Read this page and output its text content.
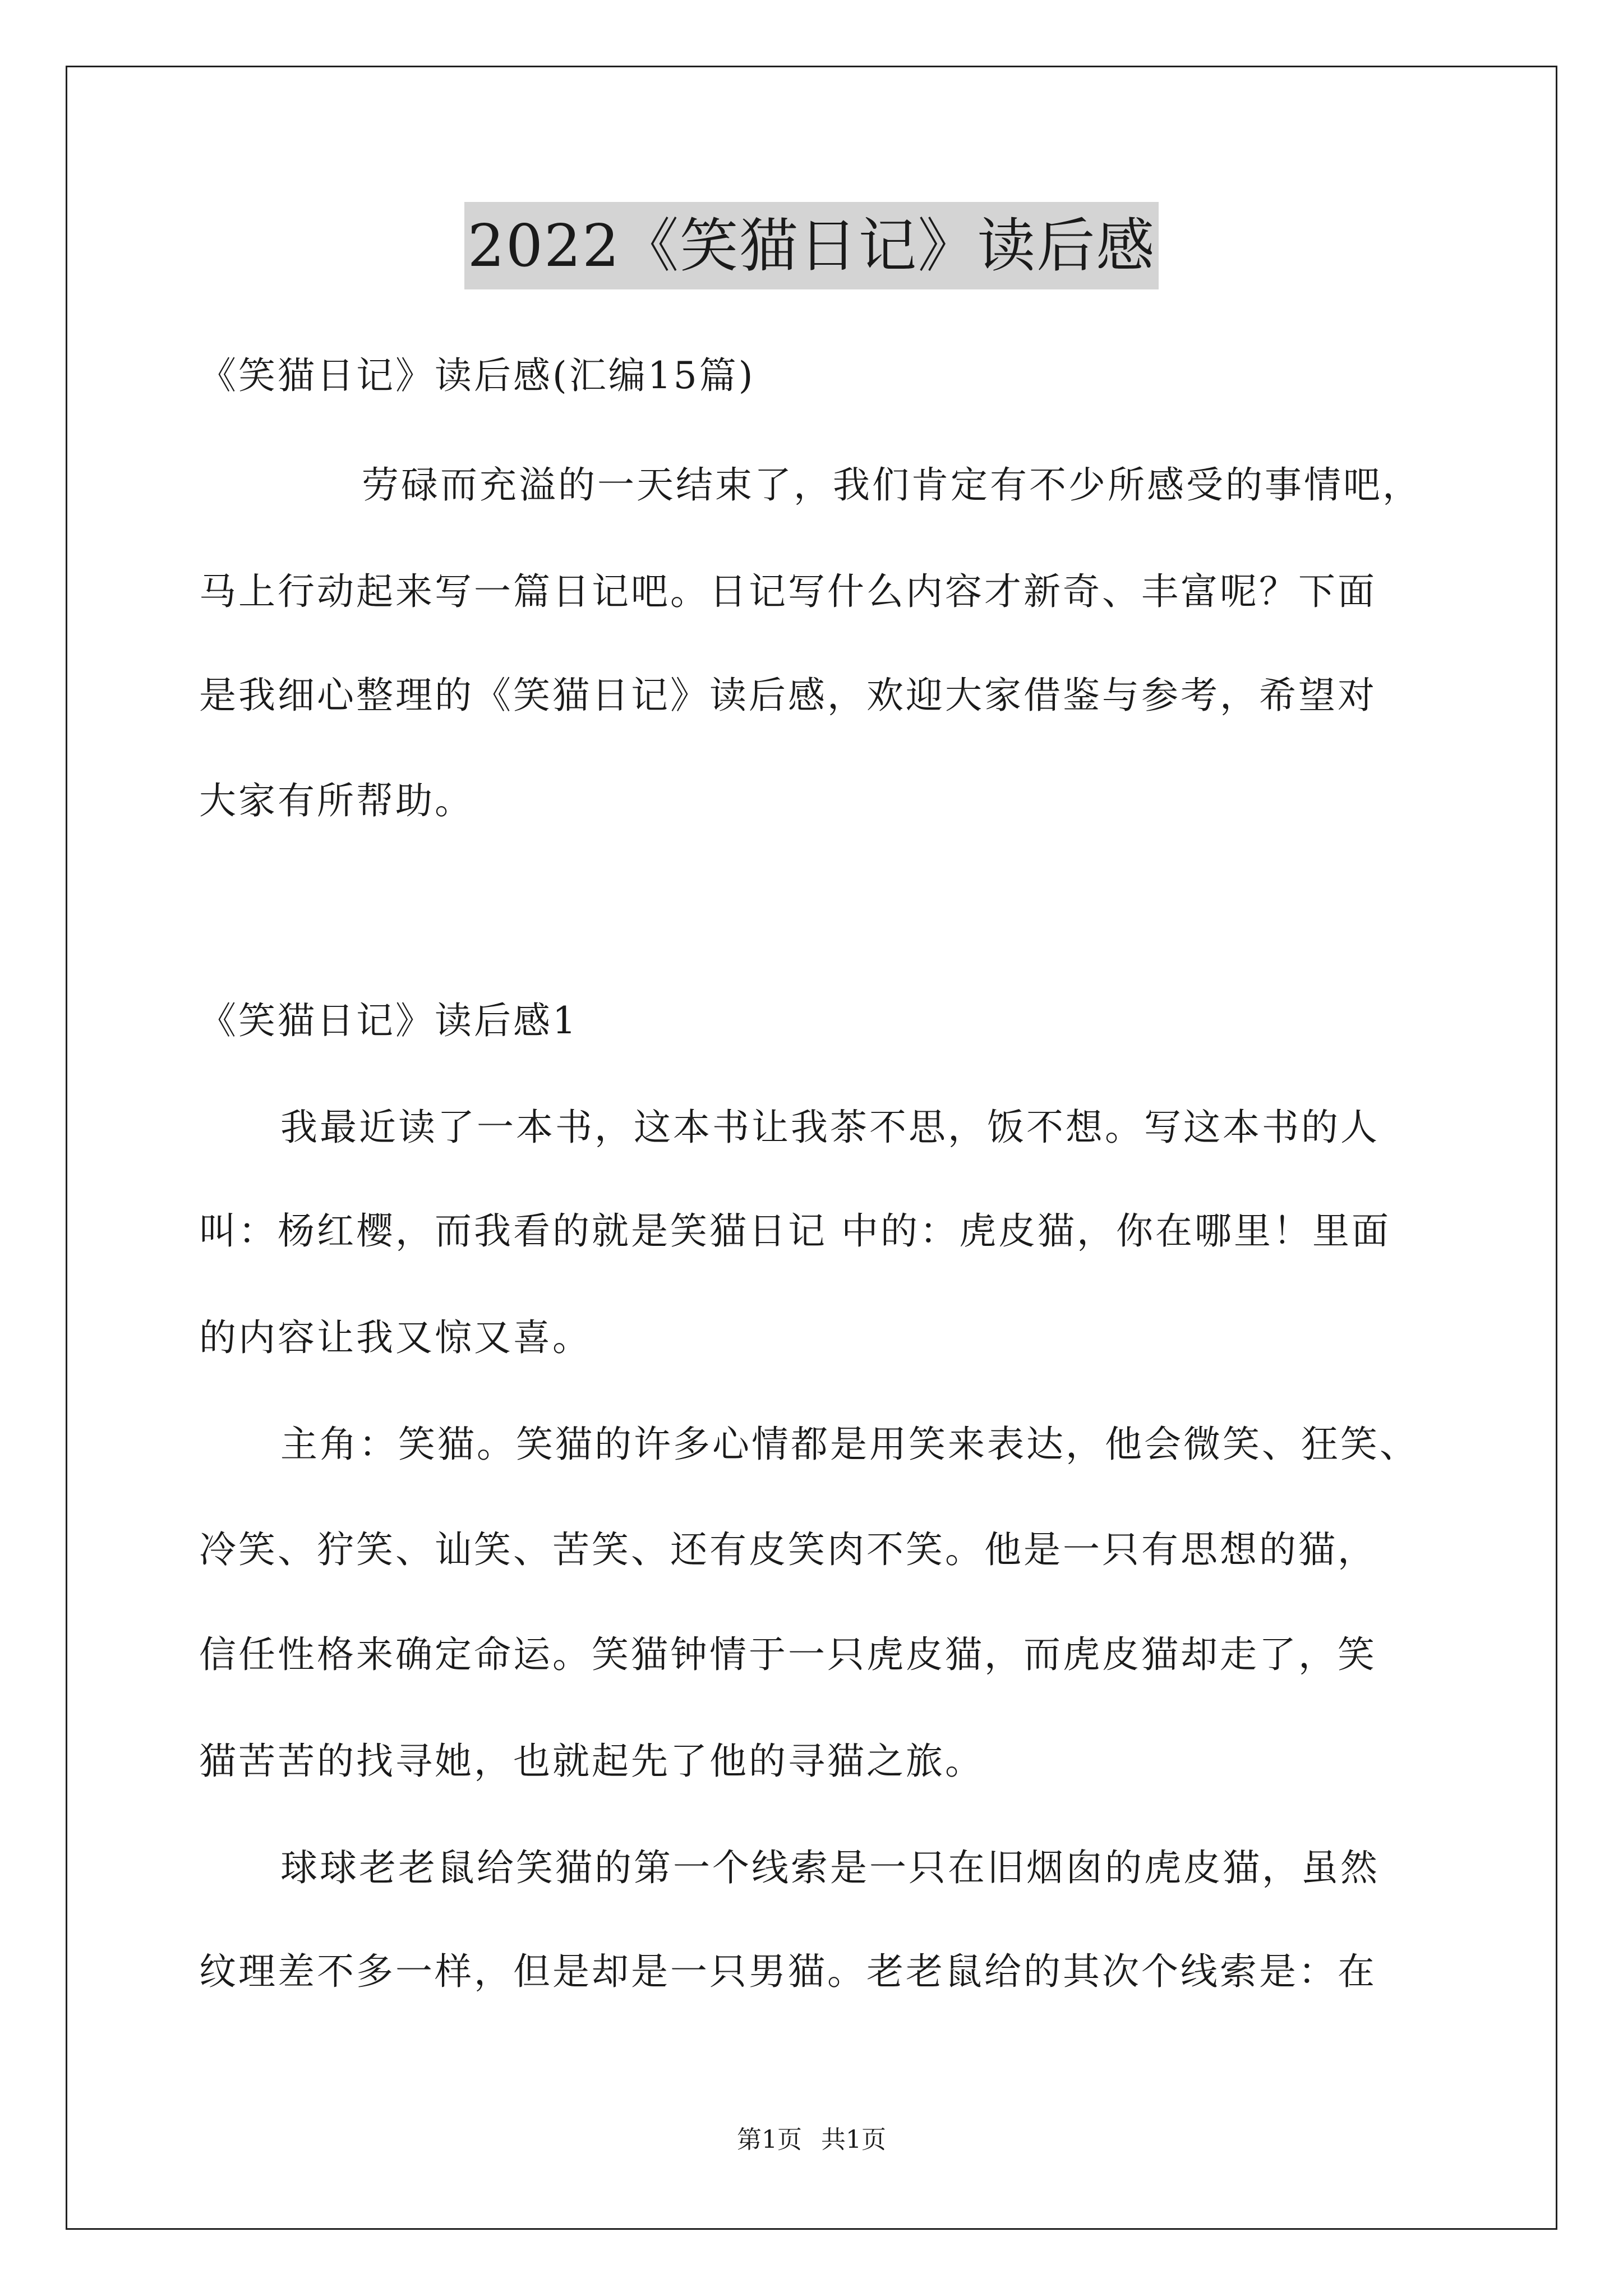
2022《笑猫日记》读后感
《笑猫日记》读后感(汇编15篇)
劳碌而充溢的一天结束了，我们肯定有不少所感受的事情吧，
马上行动起来写一篇日记吧。日记写什么内容才新奇、丰富呢？下面
是我细心整理的《笑猫日记》读后感，欢迎大家借鉴与参考，希望对
大家有所帮助。
《笑猫日记》读后感1
我最近读了一本书，这本书让我茶不思，饭不想。写这本书的人
叫：杨红樱，而我看的就是笑猫日记 中的：虎皮猫，你在哪里！里面
的内容让我又惊又喜。
主角：笑猫。笑猫的许多心情都是用笑来表达，他会微笑、狂笑、
冷笑、狞笑、讪笑、苦笑、还有皮笑肉不笑。他是一只有思想的猫，
信任性格来确定命运。笑猫钟情于一只虎皮猫，而虎皮猫却走了，笑
猫苦苦的找寻她，也就起先了他的寻猫之旅。
球球老老鼠给笑猫的第一个线索是一只在旧烟囱的虎皮猫，虽然
纹理差不多一样，但是却是一只男猫。老老鼠给的其次个线索是：在
第1页 共1页
